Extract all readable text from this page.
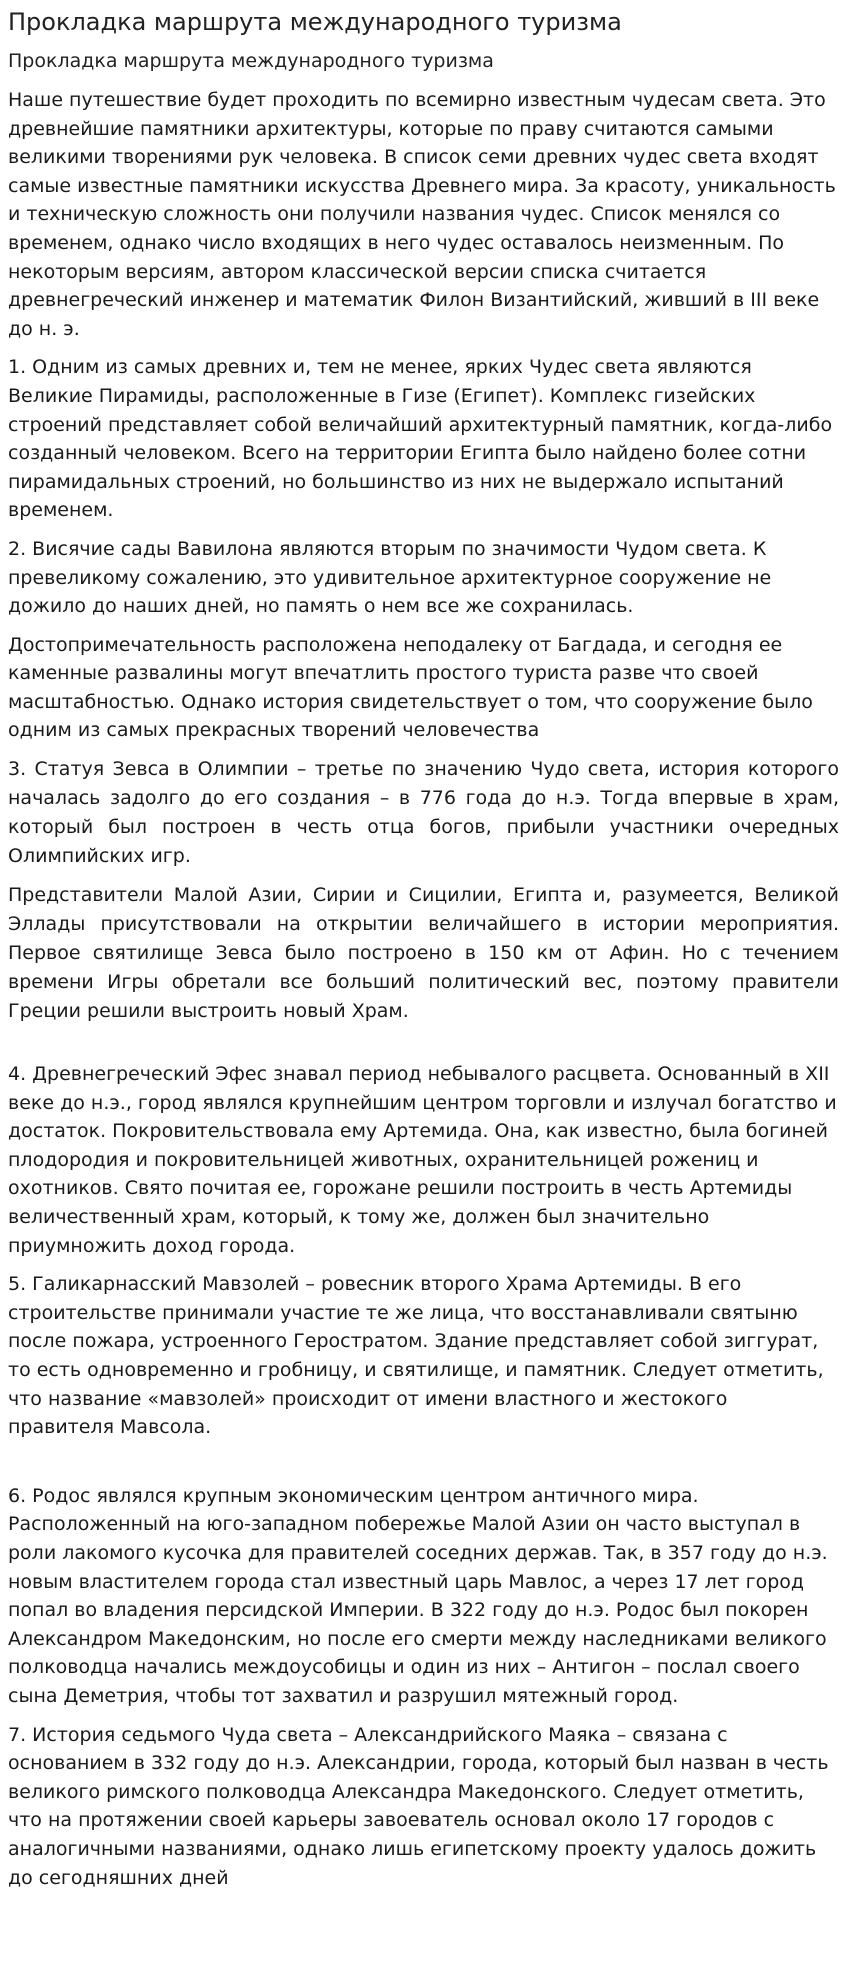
Прокладка маршрута международного туризма
Прокладка маршрута международного туризма

Наше путешествие будет проходить по всемирно известным чудесам света. Это древнейшие памятники архитектуры, которые по праву считаются самыми великими творениями рук человека. В список семи древних чудес света входят самые известные памятники искусства Древнего мира. За красоту, уникальность и техническую сложность они получили названия чудес. Список менялся со временем, однако число входящих в него чудес оставалось неизменным. По некоторым версиям, автором классической версии списка считается древнегреческий инженер и математик Филон Византийский, живший в III веке до н. э.

1. Одним из самых древних и, тем не менее, ярких Чудес света являются Великие Пирамиды, расположенные в Гизе (Египет). Комплекс гизейских строений представляет собой величайший архитектурный памятник, когда-либо созданный человеком. Всего на территории Египта было найдено более сотни пирамидальных строений, но большинство из них не выдержало испытаний временем.

2. Висячие сады Вавилона являются вторым по значимости Чудом света. К превеликому сожалению, это удивительное архитектурное сооружение не дожило до наших дней, но память о нем все же сохранилась.

Достопримечательность расположена неподалеку от Багдада, и сегодня ее каменные развалины могут впечатлить простого туриста разве что своей масштабностью. Однако история свидетельствует о том, что сооружение было одним из самых прекрасных творений человечества

3. Статуя Зевса в Олимпии – третье по значению Чудо света, история которого началась задолго до его создания – в 776 года до н.э. Тогда впервые в храм, который был построен в честь отца богов, прибыли участники очередных Олимпийских игр.

Представители Малой Азии, Сирии и Сицилии, Египта и, разумеется, Великой Эллады присутствовали на открытии величайшего в истории мероприятия. Первое святилище Зевса было построено в 150 км от Афин. Но с течением времени Игры обретали все больший политический вес, поэтому правители Греции решили выстроить новый Храм.

4. Древнегреческий Эфес знавал период небывалого расцвета. Основанный в XII веке до н.э., город являлся крупнейшим центром торговли и излучал богатство и достаток. Покровительствовала ему Артемида. Она, как известно, была богиней плодородия и покровительницей животных, охранительницей рожениц и охотников. Свято почитая ее, горожане решили построить в честь Артемиды величественный храм, который, к тому же, должен был значительно приумножить доход города.

5. Галикарнасский Мавзолей – ровесник второго Храма Артемиды. В его строительстве принимали участие те же лица, что восстанавливали святыню после пожара, устроенного Геростратом. Здание представляет собой зиггурат, то есть одновременно и гробницу, и святилище, и памятник. Следует отметить, что название «мавзолей» происходит от имени властного и жестокого правителя Мавсола.

6. Родос являлся крупным экономическим центром античного мира. Расположенный на юго-западном побережье Малой Азии он часто выступал в роли лакомого кусочка для правителей соседних держав. Так, в 357 году до н.э. новым властителем города стал известный царь Мавлос, а через 17 лет город попал во владения персидской Империи. В 322 году до н.э. Родос был покорен Александром Македонским, но после его смерти между наследниками великого полководца начались междоусобицы и один из них – Антигон – послал своего сына Деметрия, чтобы тот захватил и разрушил мятежный город.

7. История седьмого Чуда света – Александрийского Маяка – связана с основанием в 332 году до н.э. Александрии, города, который был назван в честь великого римского полководца Александра Македонского. Следует отметить, что на протяжении своей карьеры завоеватель основал около 17 городов с аналогичными названиями, однако лишь египетскому проекту удалось дожить до сегодняшних дней
